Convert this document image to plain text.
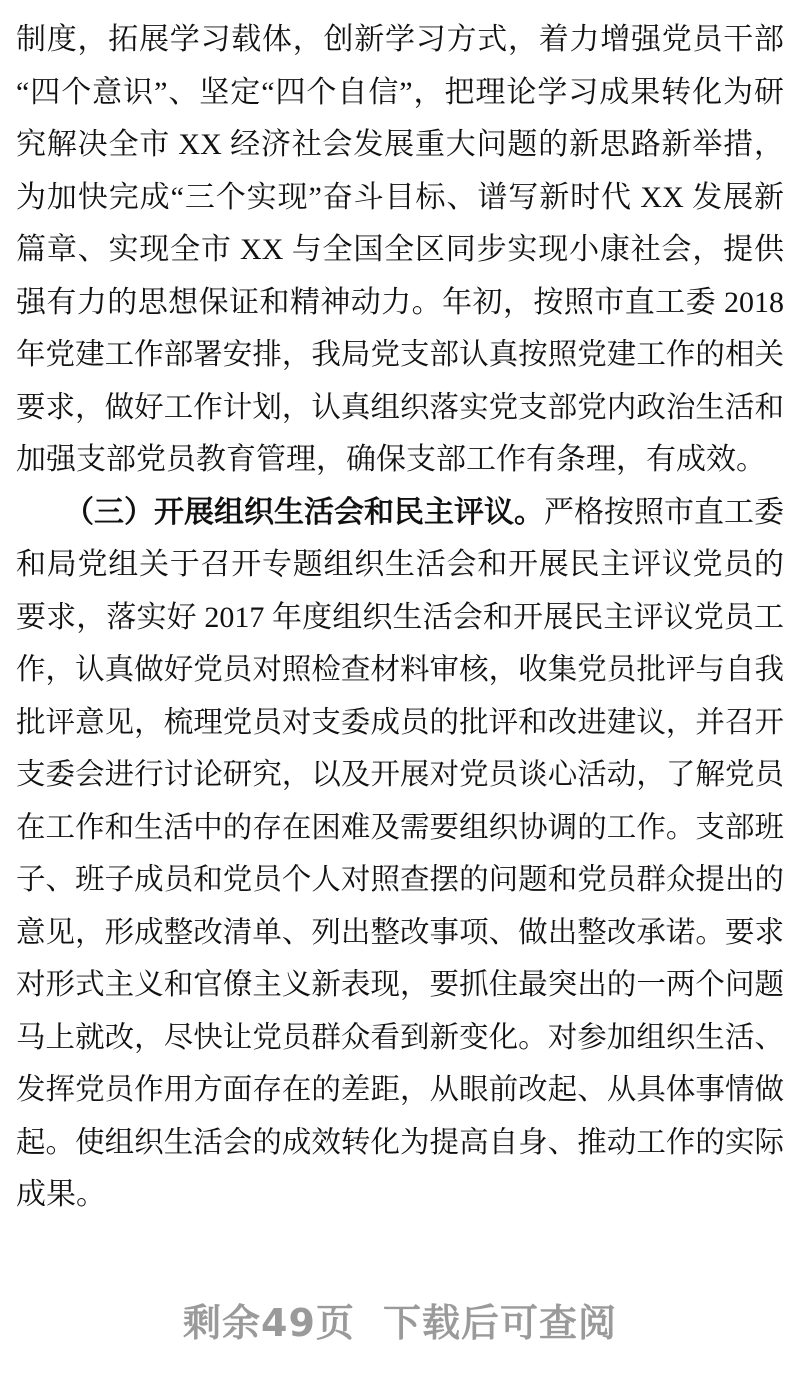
制度，拓展学习载体，创新学习方式，着力增强党员干部
“四个意识”、坚定“四个自信”，把理论学习成果转化为研
究解决全市 XX 经济社会发展重大问题的新思路新举措，
为加快完成“三个实现”奋斗目标、谱写新时代 XX 发展新
篇章、实现全市 XX 与全国全区同步实现小康社会，提供
强有力的思想保证和精神动力。年初，按照市直工委 2018
年党建工作部署安排，我局党支部认真按照党建工作的相关
要求，做好工作计划，认真组织落实党支部党内政治生活和
加强支部党员教育管理，确保支部工作有条理，有成效。
（三）开展组织生活会和民主评议。严格按照市直工委
和局党组关于召开专题组织生活会和开展民主评议党员的
要求，落实好 2017 年度组织生活会和开展民主评议党员工
作，认真做好党员对照检查材料审核，收集党员批评与自我
批评意见，梳理党员对支委成员的批评和改进建议，并召开
支委会进行讨论研究，以及开展对党员谈心活动，了解党员
在工作和生活中的存在困难及需要组织协调的工作。支部班
子、班子成员和党员个人对照查摆的问题和党员群众提出的
意见，形成整改清单、列出整改事项、做出整改承诺。要求
对形式主义和官僚主义新表现，要抓住最突出的一两个问题
马上就改，尽快让党员群众看到新变化。对参加组织生活、
发挥党员作用方面存在的差距，从眼前改起、从具体事情做
起。使组织生活会的成效转化为提高自身、推动工作的实际
成果。
剩余49页 下载后可查阅
